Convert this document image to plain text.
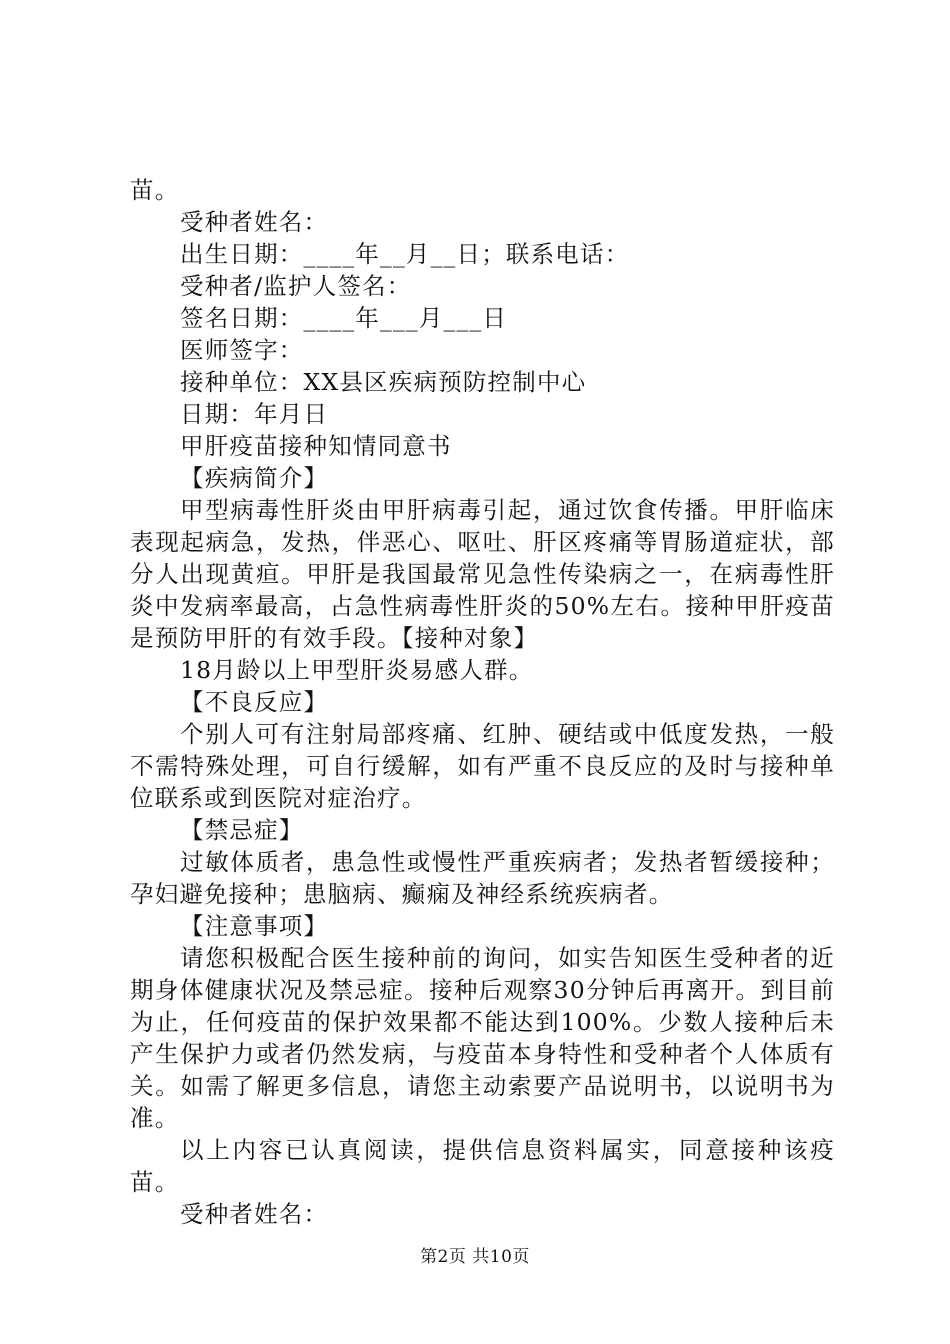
苗。
受种者姓名：
出生日期：____年__月__日；联系电话：
受种者/监护人签名：
签名日期：____年___月___日
医师签字：
接种单位：XX县区疾病预防控制中心
日期：年月日
甲肝疫苗接种知情同意书
【疾病简介】

甲型病毒性肝炎由甲肝病毒引起，通过饮食传播。甲肝临床表现起病急，发热，伴恶心、呕吐、肝区疼痛等胃肠道症状，部分人出现黄疸。甲肝是我国最常见急性传染病之一，在病毒性肝炎中发病率最高，占急性病毒性肝炎的50%左右。接种甲肝疫苗是预防甲肝的有效手段。【接种对象】

18月龄以上甲型肝炎易感人群。
【不良反应】

个别人可有注射局部疼痛、红肿、硬结或中低度发热，一般不需特殊处理，可自行缓解，如有严重不良反应的及时与接种单位联系或到医院对症治疗。

【禁忌症】

过敏体质者，患急性或慢性严重疾病者；发热者暂缓接种；孕妇避免接种；患脑病、癫痫及神经系统疾病者。

【注意事项】

请您积极配合医生接种前的询问，如实告知医生受种者的近期身体健康状况及禁忌症。接种后观察30分钟后再离开。到目前为止，任何疫苗的保护效果都不能达到100%。少数人接种后未产生保护力或者仍然发病，与疫苗本身特性和受种者个人体质有关。如需了解更多信息，请您主动索要产品说明书，以说明书为准。

以上内容已认真阅读，提供信息资料属实，同意接种该疫苗。

受种者姓名：
第2页 共10页
